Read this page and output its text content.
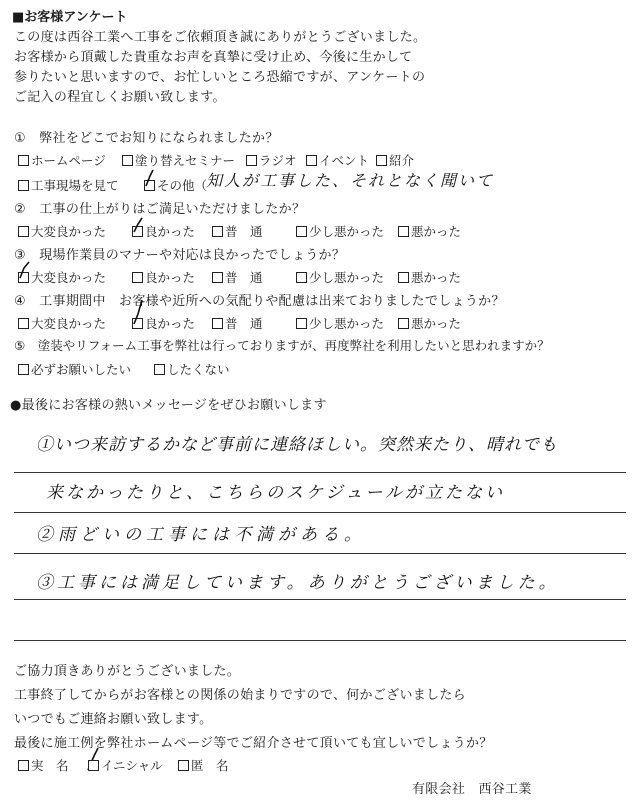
■お客様アンケート
この度は西谷工業へ工事をご依頼頂き誠にありがとうございました。
お客様から頂戴した貴重なお声を真摯に受け止め、今後に生かして
参りたいと思いますので、お忙しいところ恐縮ですが、アンケートの
ご記入の程宜しくお願い致します。
①　弊社をどこでお知りになられましたか？
ホームページ	塗り替えセミナー	ラジオ	イベント	紹介
工事現場を見て	その他（
知人が工事した、それとなく聞いて
②　工事の仕上がりはご満足いただけましたか？
大変良かった	良かった	普　通	少し悪かった	悪かった
③　現場作業員のマナーや対応は良かったでしょうか？
大変良かった	良かった	普　通	少し悪かった	悪かった
④　工事期間中　お客様や近所への気配りや配慮は出来ておりましたでしょうか？
大変良かった	良かった	普　通	少し悪かった	悪かった
⑤　塗装やリフォーム工事を弊社は行っておりますが、再度弊社を利用したいと思われますか？
必ずお願いしたい	したくない
●最後にお客様の熱いメッセージをぜひお願いします
①いつ来訪するかなど事前に連絡ほしい。突然来たり、晴れでも
来なかったりと、こちらのスケジュールが立たない
②雨どいの工事には不満がある。
③工事には満足しています。ありがとうございました。
ご協力頂きありがとうございました。
工事終了してからがお客様との関係の始まりですので、何かございましたら
いつでもご連絡お願い致します。
最後に施工例を弊社ホームページ等でご紹介させて頂いても宜しいでしょうか？
実　名	イニシャル	匿　名
有限会社　西谷工業
